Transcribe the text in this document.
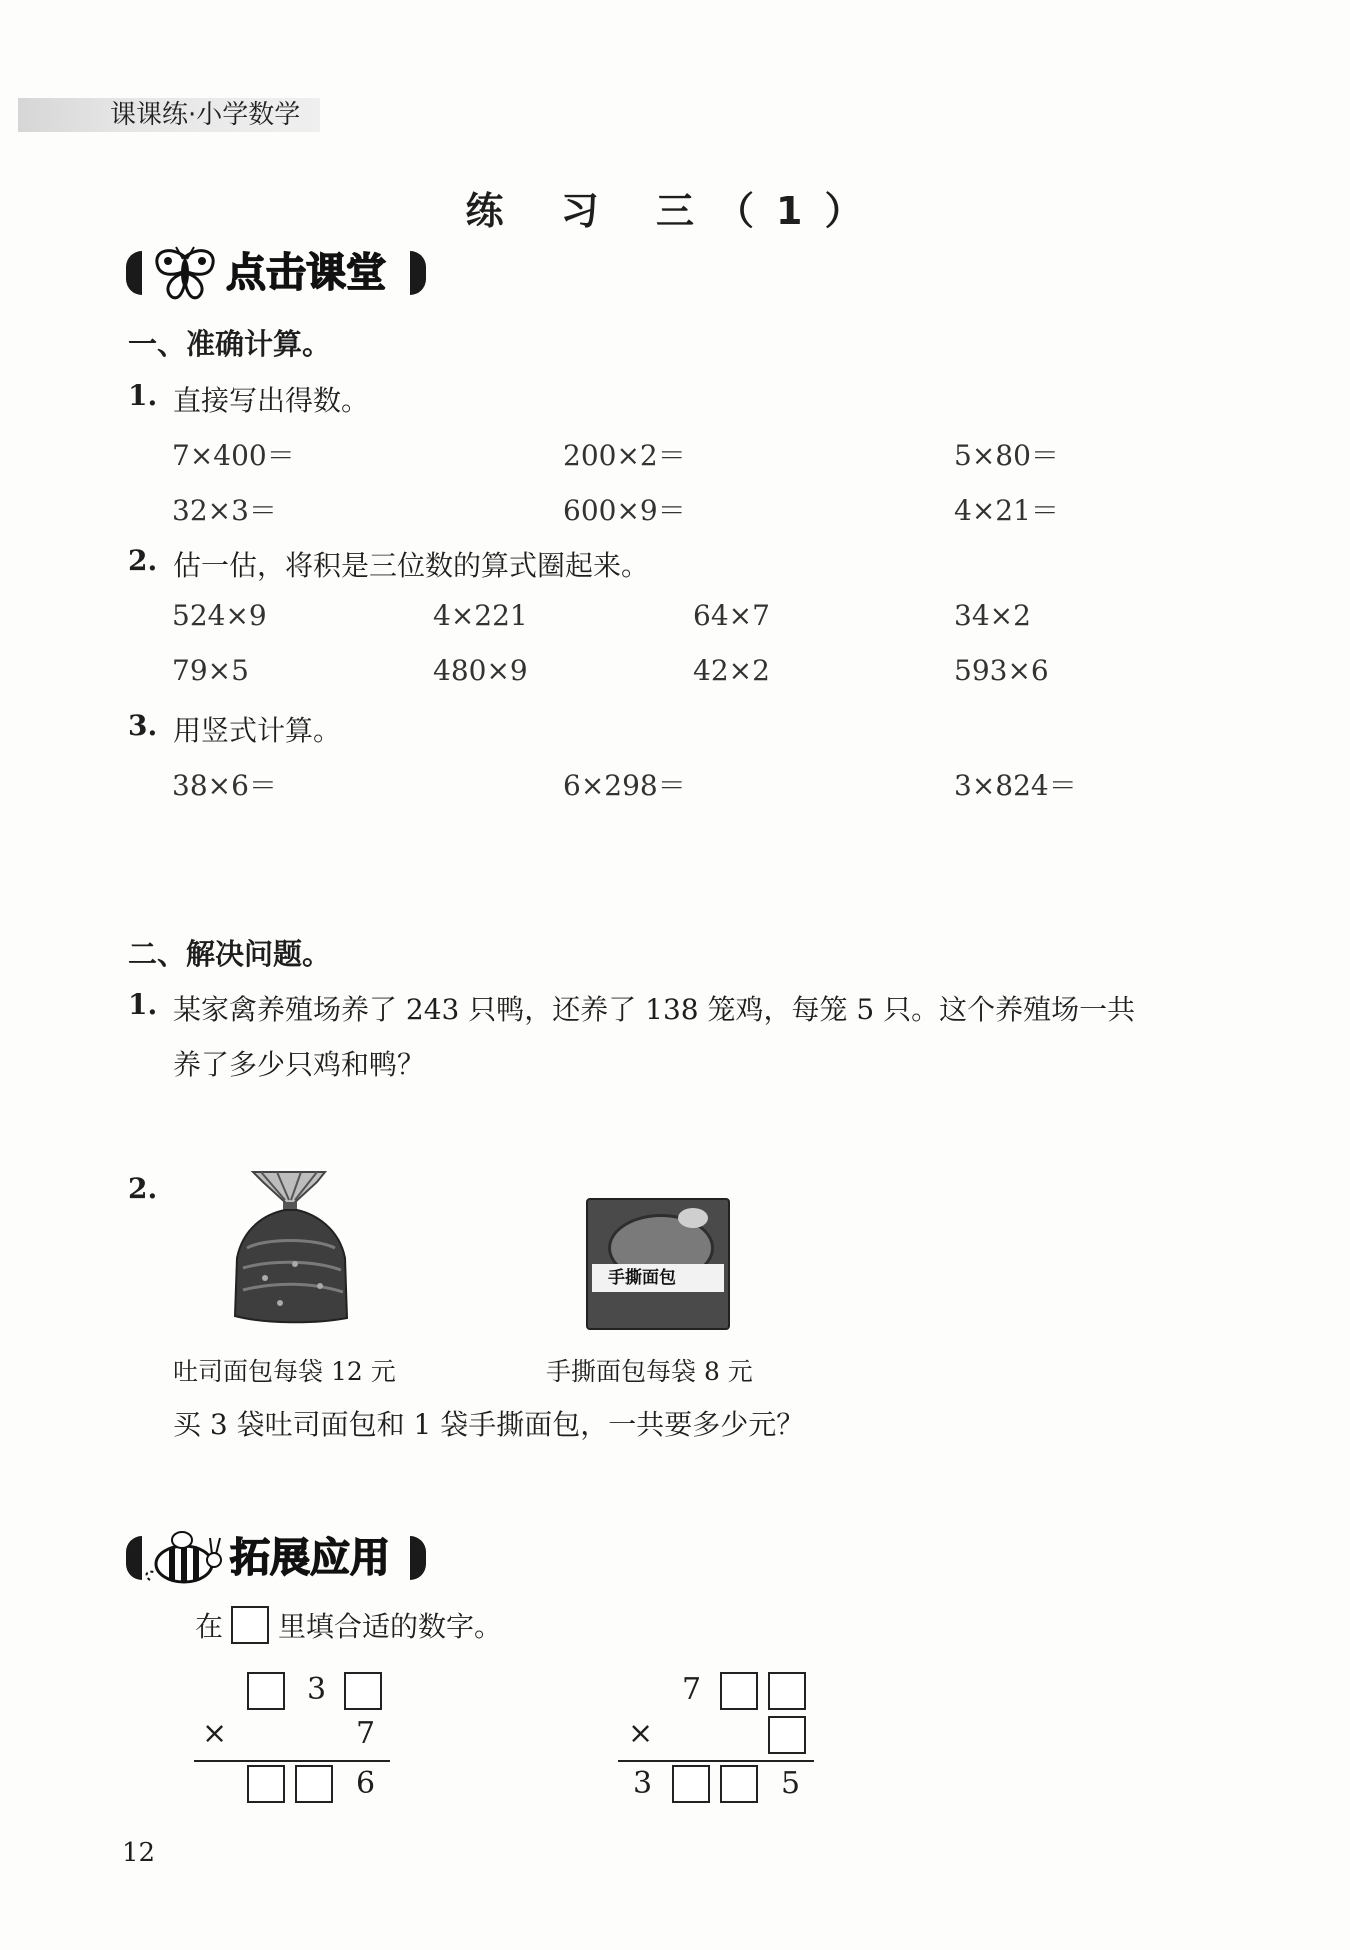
课课练·小学数学
练 习 三（1）
点击课堂
一、准确计算。
1. 直接写出得数。
7×400＝	200×2＝	5×80＝
32×3＝	600×9＝	4×21＝
2. 估一估，将积是三位数的算式圈起来。
524×9	4×221	64×7	34×2
79×5	480×9	42×2	593×6
3. 用竖式计算。
38×6＝	6×298＝	3×824＝
二、解决问题。
1. 某家禽养殖场养了 243 只鸭，还养了 138 笼鸡，每笼 5 只。这个养殖场一共
养了多少只鸡和鸭？
2.
手撕面包
吐司面包每袋 12 元	手撕面包每袋 8 元
买 3 袋吐司面包和 1 袋手撕面包，一共要多少元？
拓展应用
在 里填合适的数字。
3
×	7
6
7
×
3	5
12
